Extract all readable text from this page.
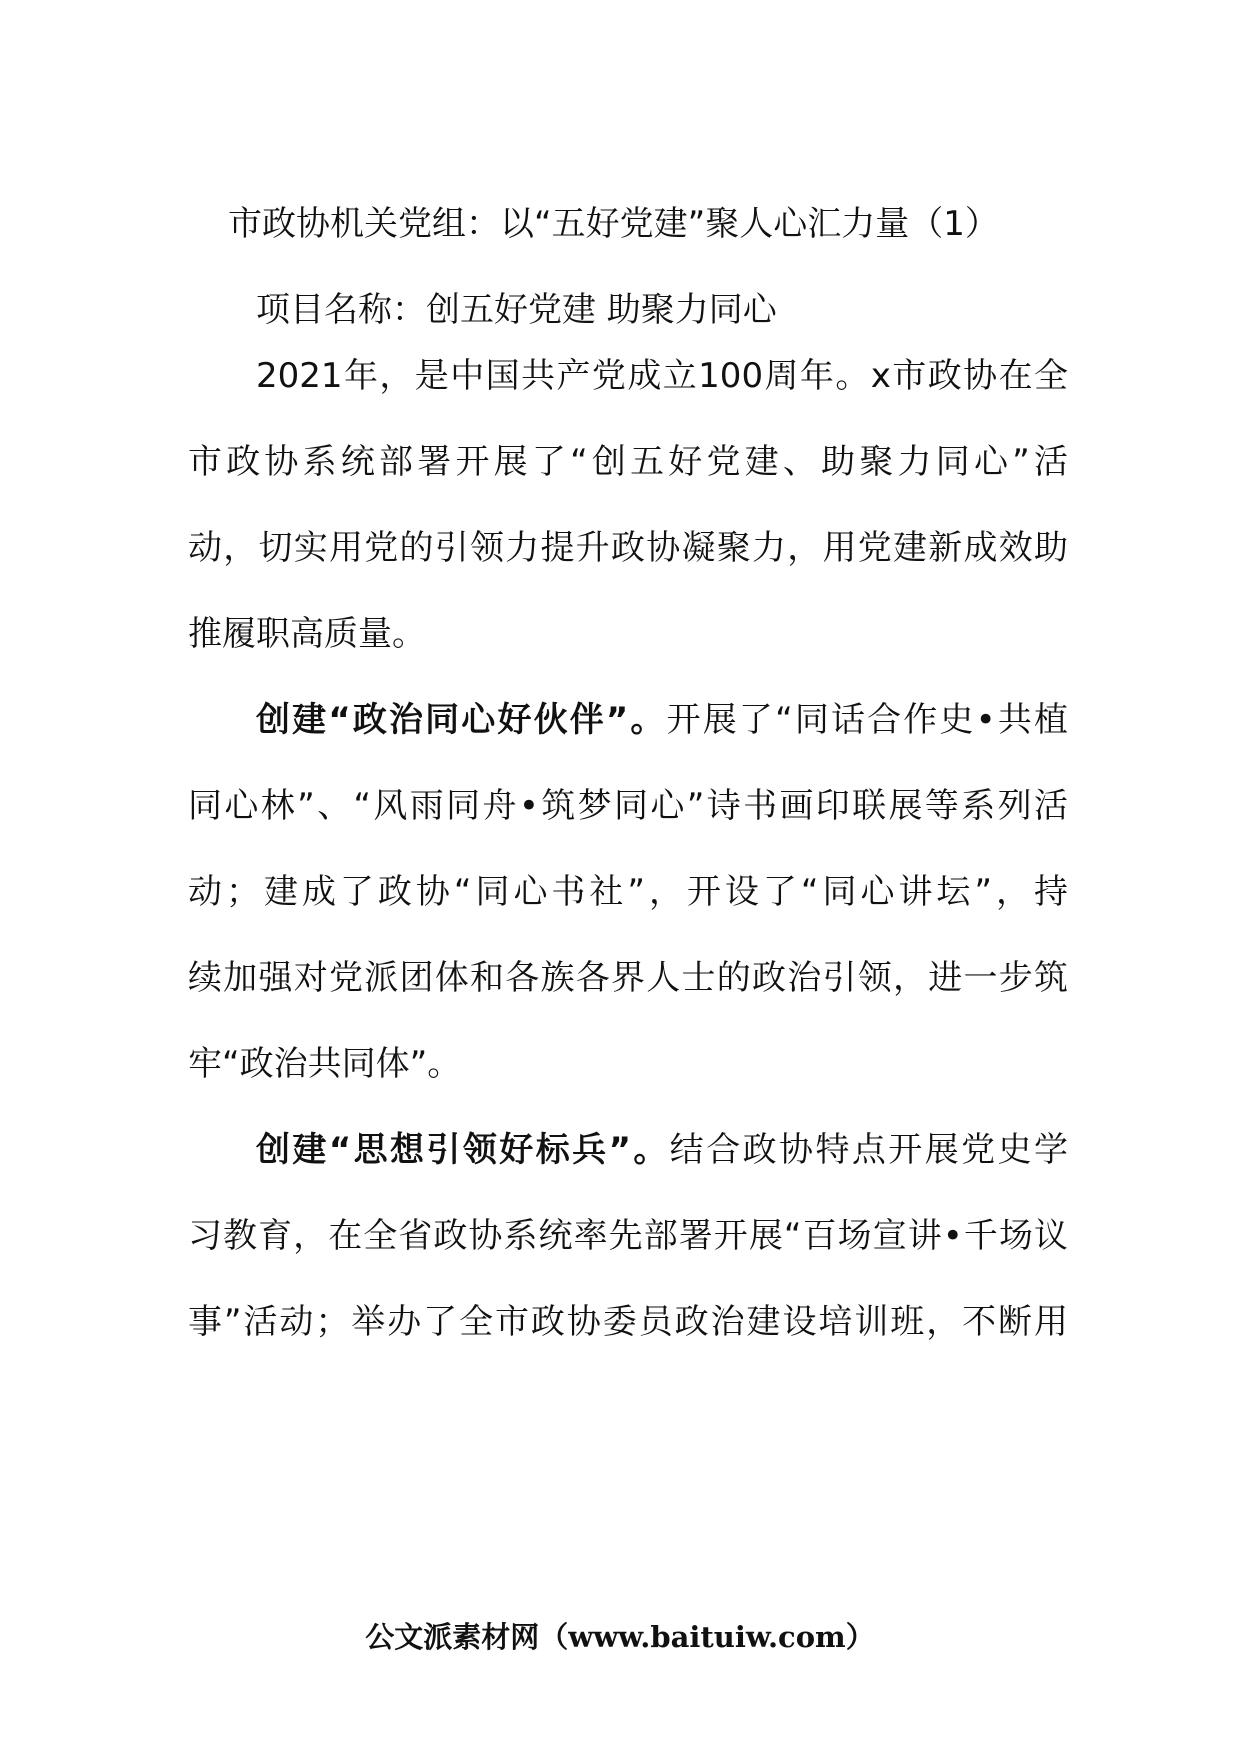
市政协机关党组：以“五好党建”聚人心汇力量（1）
项目名称：创五好党建 助聚力同心
2021年，是中国共产党成立100周年。x市政协在全
市政协系统部署开展了“创五好党建、助聚力同心”活
动，切实用党的引领力提升政协凝聚力，用党建新成效助
推履职高质量。
创建“政治同心好伙伴”。开展了“同话合作史•共植
同心林”、“风雨同舟•筑梦同心”诗书画印联展等系列活
动；建成了政协“同心书社”，开设了“同心讲坛”，持
续加强对党派团体和各族各界人士的政治引领，进一步筑
牢“政治共同体”。
创建“思想引领好标兵”。结合政协特点开展党史学
习教育，在全省政协系统率先部署开展“百场宣讲•千场议
事”活动；举办了全市政协委员政治建设培训班，不断用
公文派素材网（www.baituiw.com）
